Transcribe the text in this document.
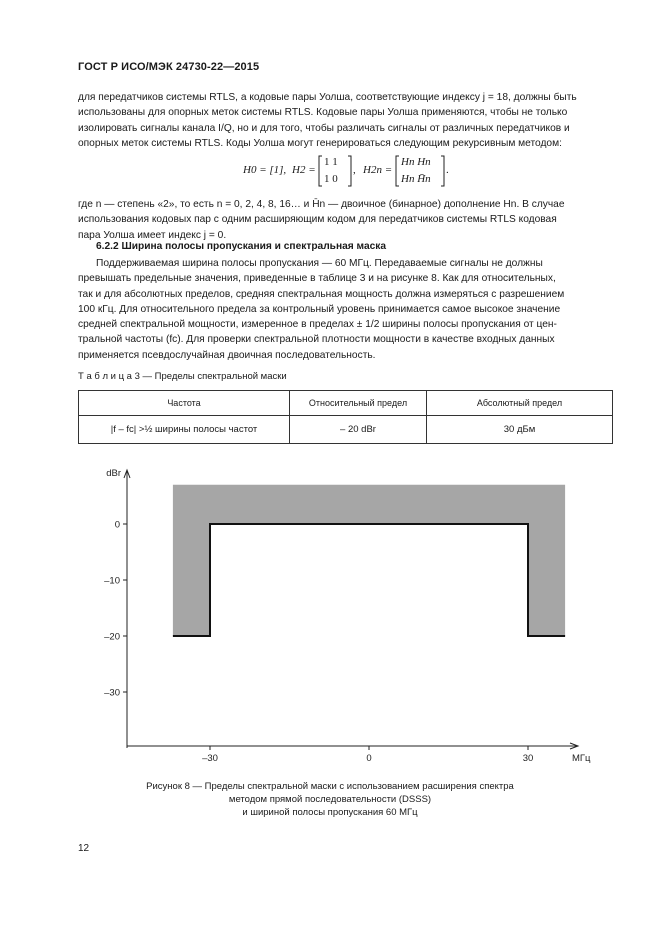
ГОСТ Р ИСО/МЭК 24730-22—2015

для передатчиков системы RTLS, а кодовые пары Уолша, соответствующие индексу j = 18, должны быть

использованы для опорных меток системы RTLS. Кодовые пары Уолша применяются, чтобы не только

изолировать сигналы канала I/Q, но и для того, чтобы различать сигналы от различных передатчиков и

опорных меток системы RTLS. Коды Уолша могут генерироваться следующим рекурсивным методом:

H0 = [1], H2 =
1 1
1 0
, H2n =
Hn Hn
Hn H̄n
.

где n — степень «2», то есть n = 0, 2, 4, 8, 16… и H̄n — двоичное (бинарное) дополнение Hn. В случае

использования кодовых пар с одним расширяющим кодом для передатчиков системы RTLS кодовая

пара Уолша имеет индекс j = 0.

6.2.2 Ширина полосы пропускания и спектральная маска

Поддерживаемая ширина полосы пропускания — 60 МГц. Передаваемые сигналы не должны

превышать предельные значения, приведенные в таблице 3 и на рисунке 8. Как для относительных,

так и для абсолютных пределов, средняя спектральная мощность должна измеряться с разрешением

100 кГц. Для относительного предела за контрольный уровень принимается самое высокое значение

средней спектральной мощности, измеренное в пределах ± 1/2 ширины полосы пропускания от цен-

тральной частоты (fc). Для проверки спектральной плотности мощности в качестве входных данных

применяется псевдослучайная двоичная последовательность.

Т а б л и ц а 3 — Пределы спектральной маски
Частота	Относительный предел	Абсолютный предел
|f – fc| >½ ширины полосы частот	– 20 dBr	30 дБм
0
–10
–20
–30
–30	0	30
dBr
МГц
Рисунок 8 — Пределы спектральной маски с использованием расширения спектра
методом прямой последовательности (DSSS)
и шириной полосы пропускания 60 МГц
12
